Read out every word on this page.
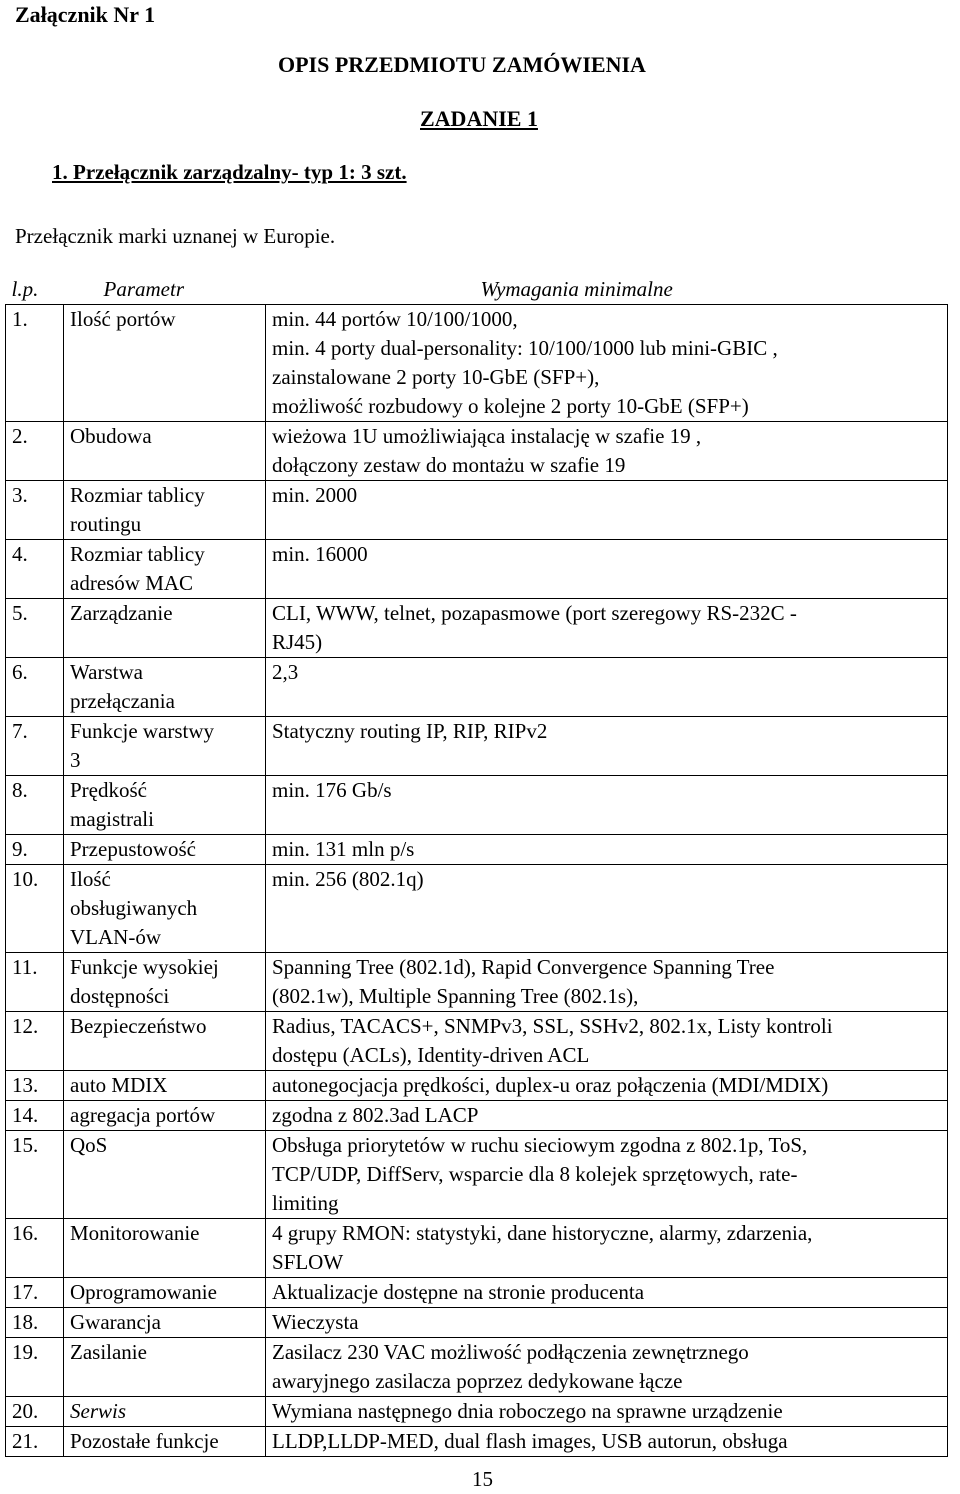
Załącznik Nr 1
OPIS PRZEDMIOTU ZAMÓWIENIA
ZADANIE 1
1. Przełącznik zarządzalny- typ 1: 3 szt.
Przełącznik marki uznanej w Europie.
l.p.	Parametr	Wymagania minimalne
1.	Ilość portów	min. 44 portów 10/100/1000,
min. 4 porty dual-personality: 10/100/1000 lub mini-GBIC ,
zainstalowane 2 porty 10-GbE (SFP+),
możliwość rozbudowy o kolejne 2 porty 10-GbE (SFP+)
2.	Obudowa	wieżowa 1U umożliwiająca instalację w szafie 19 ,
dołączony zestaw do montażu w szafie 19
3.	Rozmiar tablicy
routingu	min. 2000
4.	Rozmiar tablicy
adresów MAC	min. 16000
5.	Zarządzanie	CLI, WWW, telnet, pozapasmowe (port szeregowy RS-232C -
RJ45)
6.	Warstwa
przełączania	2,3
7.	Funkcje warstwy
3	Statyczny routing IP, RIP, RIPv2
8.	Prędkość
magistrali	min. 176 Gb/s
9.	Przepustowość	min. 131 mln p/s
10.	Ilość
obsługiwanych
VLAN-ów	min. 256 (802.1q)
11.	Funkcje wysokiej
dostępności	Spanning Tree (802.1d), Rapid Convergence Spanning Tree
(802.1w), Multiple Spanning Tree (802.1s),
12.	Bezpieczeństwo	Radius, TACACS+, SNMPv3, SSL, SSHv2, 802.1x, Listy kontroli
dostępu (ACLs), Identity-driven ACL
13.	auto MDIX	autonegocjacja prędkości, duplex-u oraz połączenia (MDI/MDIX)
14.	agregacja portów	zgodna z 802.3ad LACP
15.	QoS	Obsługa priorytetów w ruchu sieciowym zgodna z 802.1p, ToS,
TCP/UDP, DiffServ, wsparcie dla 8 kolejek sprzętowych, rate-
limiting
16.	Monitorowanie	4 grupy RMON: statystyki, dane historyczne, alarmy, zdarzenia,
SFLOW
17.	Oprogramowanie	Aktualizacje dostępne na stronie producenta
18.	Gwarancja	Wieczysta
19.	Zasilanie	Zasilacz 230 VAC możliwość podłączenia zewnętrznego
awaryjnego zasilacza poprzez dedykowane łącze
20.	Serwis	Wymiana następnego dnia roboczego na sprawne urządzenie
21.	Pozostałe funkcje	LLDP,LLDP-MED, dual flash images, USB autorun, obsługa
15
